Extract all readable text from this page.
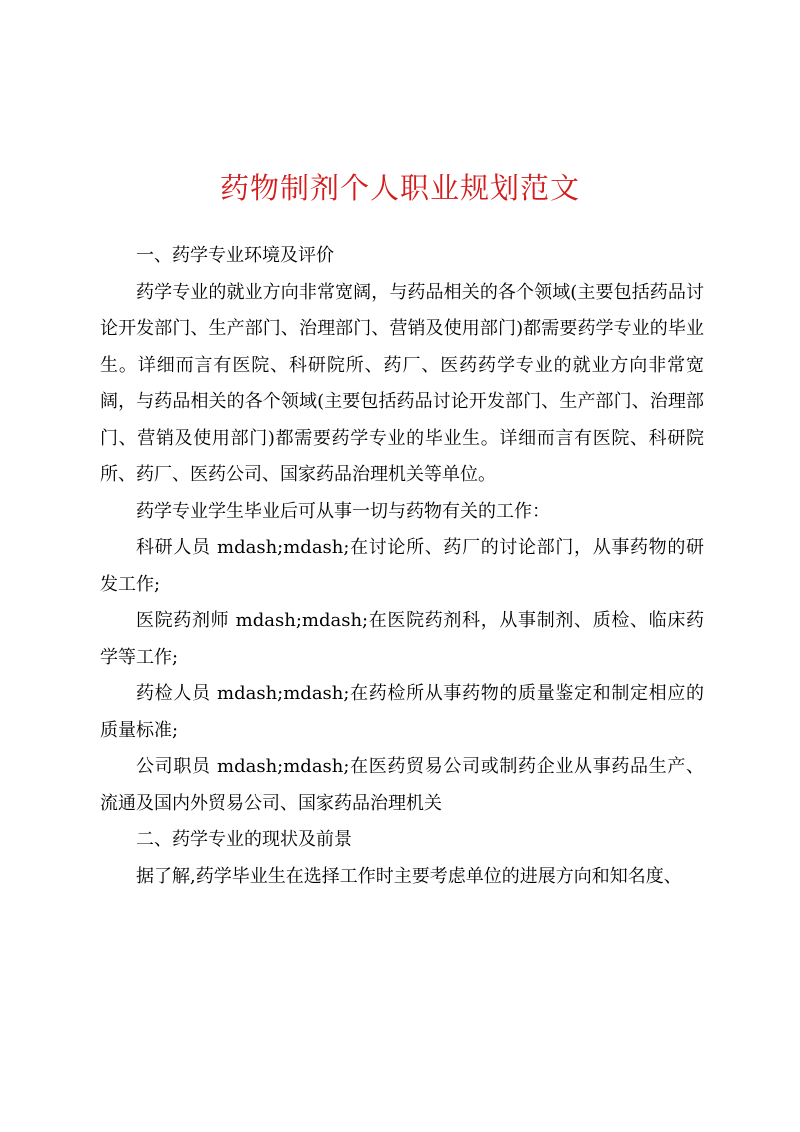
药物制剂个人职业规划范文

一、药学专业环境及评价

药学专业的就业方向非常宽阔，与药品相关的各个领域(主要包括药品讨论开发部门、生产部门、治理部门、营销及使用部门)都需要药学专业的毕业生。详细而言有医院、科研院所、药厂、医药药学专业的就业方向非常宽阔，与药品相关的各个领域(主要包括药品讨论开发部门、生产部门、治理部门、营销及使用部门)都需要药学专业的毕业生。详细而言有医院、科研院所、药厂、医药公司、国家药品治理机关等单位。

药学专业学生毕业后可从事一切与药物有关的工作：

科研人员 mdash;mdash;在讨论所、药厂的讨论部门，从事药物的研发工作;

医院药剂师 mdash;mdash;在医院药剂科，从事制剂、质检、临床药学等工作;

药检人员 mdash;mdash;在药检所从事药物的质量鉴定和制定相应的质量标准;

公司职员 mdash;mdash;在医药贸易公司或制药企业从事药品生产、流通及国内外贸易公司、国家药品治理机关

二、药学专业的现状及前景

据了解,药学毕业生在选择工作时主要考虑单位的进展方向和知名度、
